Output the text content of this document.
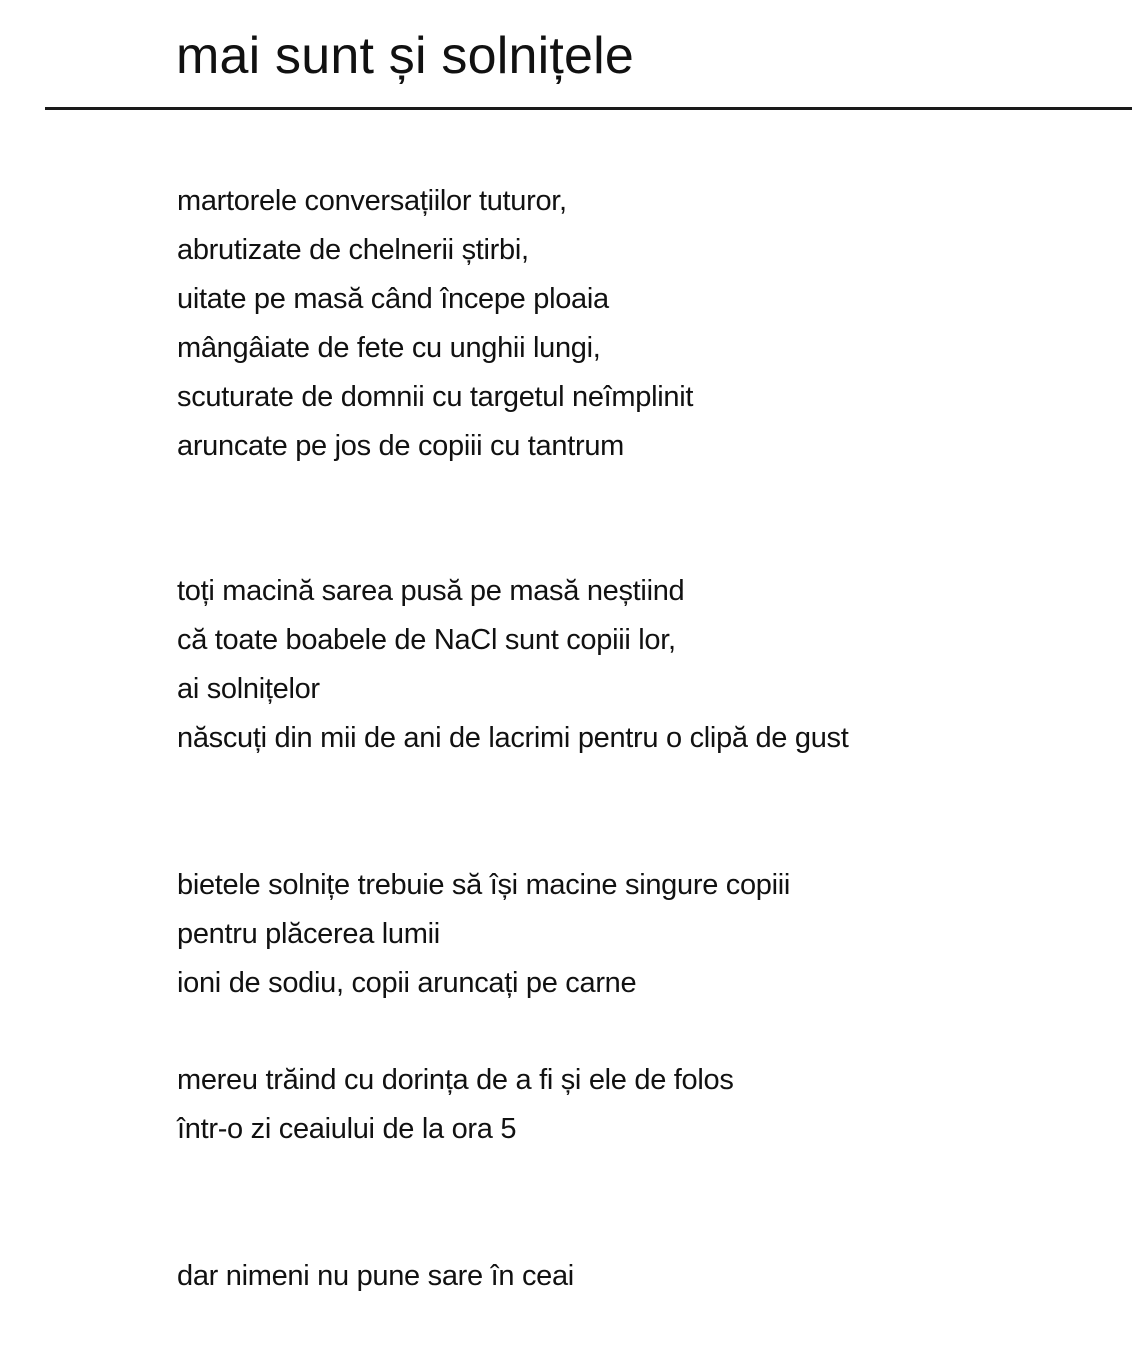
mai sunt și solnițele
martorele conversațiilor tuturor,
abrutizate de chelnerii știrbi,
uitate pe masă când începe ploaia
mângâiate de fete cu unghii lungi,
scuturate de domnii cu targetul neîmplinit
aruncate pe jos de copiii cu tantrum
toți macină sarea pusă pe masă neștiind
că toate boabele de NaCl sunt copiii lor,
ai solnițelor
născuți din mii de ani de lacrimi pentru o clipă de gust
bietele solnițe trebuie să își macine singure copiii
pentru plăcerea lumii
ioni de sodiu, copii aruncați pe carne
mereu trăind cu dorința de a fi și ele de folos
într-o zi ceaiului de la ora 5
dar nimeni nu pune sare în ceai
